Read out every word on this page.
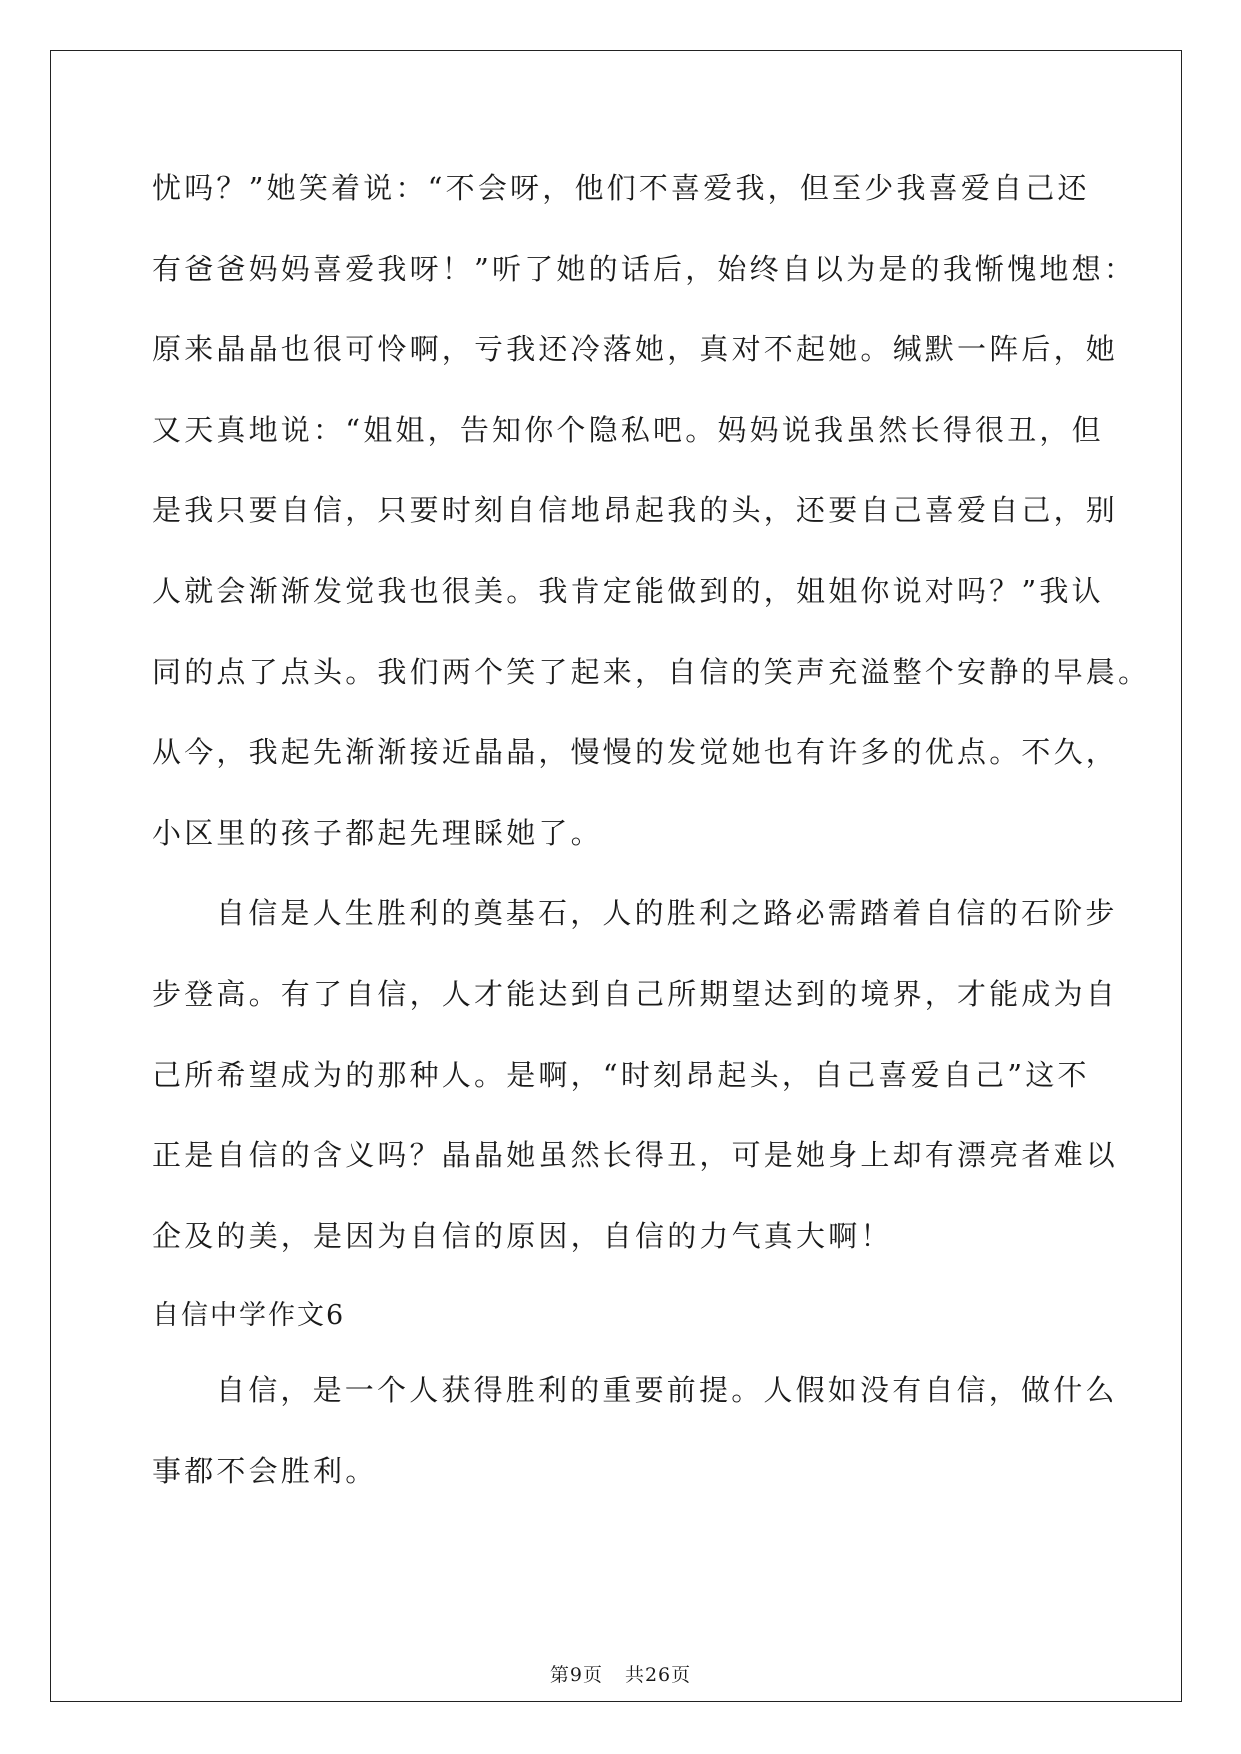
忧吗？”她笑着说：“不会呀，他们不喜爱我，但至少我喜爱自己还
有爸爸妈妈喜爱我呀！”听了她的话后，始终自以为是的我惭愧地想：
原来晶晶也很可怜啊，亏我还冷落她，真对不起她。缄默一阵后，她
又天真地说：“姐姐，告知你个隐私吧。妈妈说我虽然长得很丑，但
是我只要自信，只要时刻自信地昂起我的头，还要自己喜爱自己，别
人就会渐渐发觉我也很美。我肯定能做到的，姐姐你说对吗？”我认
同的点了点头。我们两个笑了起来，自信的笑声充溢整个安静的早晨。
从今，我起先渐渐接近晶晶，慢慢的发觉她也有许多的优点。不久，
小区里的孩子都起先理睬她了。
自信是人生胜利的奠基石，人的胜利之路必需踏着自信的石阶步
步登高。有了自信，人才能达到自己所期望达到的境界，才能成为自
己所希望成为的那种人。是啊，“时刻昂起头，自己喜爱自己”这不
正是自信的含义吗？晶晶她虽然长得丑，可是她身上却有漂亮者难以
企及的美，是因为自信的原因，自信的力气真大啊！
自信中学作文6
自信，是一个人获得胜利的重要前提。人假如没有自信，做什么
事都不会胜利。
第9页 共26页
